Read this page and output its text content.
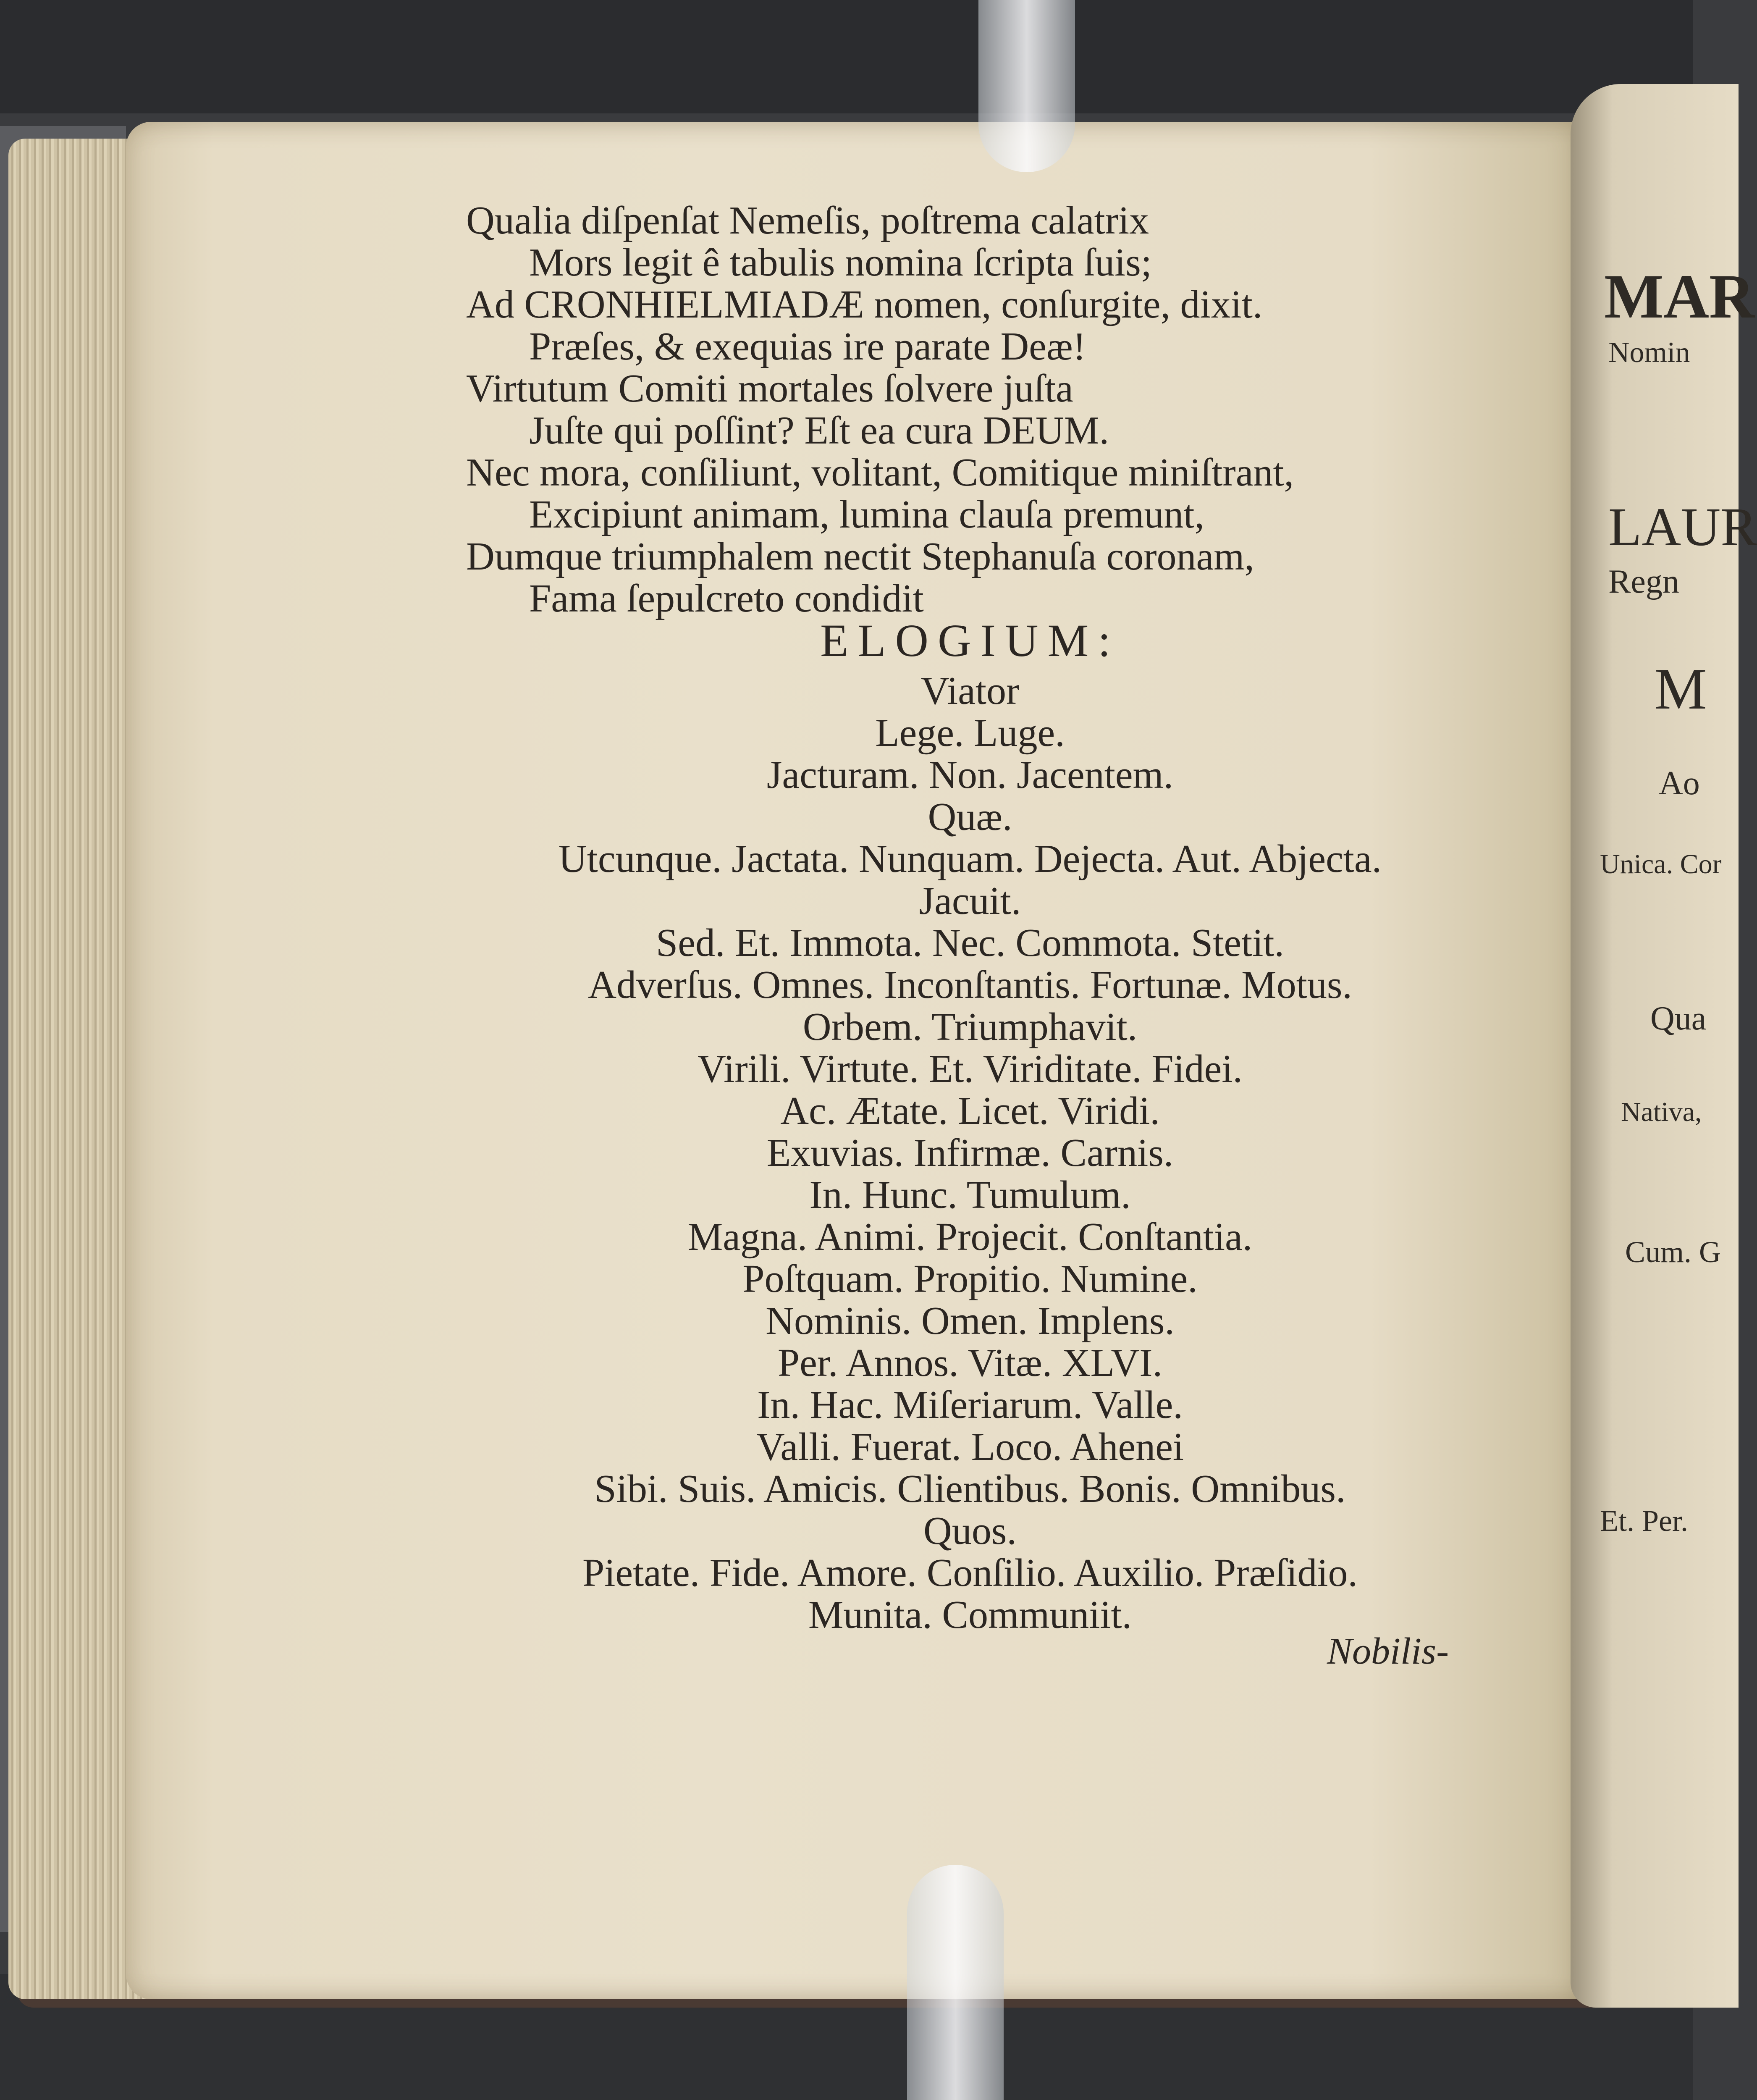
MAR
Nomin
LAUR
Regn
M
Ao
Unica. Cor
Qua
Nativa,
Cum. G
Et. Per.
Qualia diſpenſat Nemeſis, poſtrema calatrix
Mors legit ê tabulis nomina ſcripta ſuis;
Ad CRONHIELMIADÆ nomen, conſurgite, dixit.
Præſes, & exequias ire parate Deæ!
Virtutum Comiti mortales ſolvere juſta
Juſte qui poſſint? Eſt ea cura DEUM.
Nec mora, conſiliunt, volitant, Comitique miniſtrant,
Excipiunt animam, lumina clauſa premunt,
Dumque triumphalem nectit Stephanuſa coronam,
Fama ſepulcreto condidit
ELOGIUM:
Viator
Lege. Luge.
Jacturam. Non. Jacentem.
Quæ.
Utcunque. Jactata. Nunquam. Dejecta. Aut. Abjecta.
Jacuit.
Sed. Et. Immota. Nec. Commota. Stetit.
Adverſus. Omnes. Inconſtantis. Fortunæ. Motus.
Orbem. Triumphavit.
Virili. Virtute. Et. Viriditate. Fidei.
Ac. Ætate. Licet. Viridi.
Exuvias. Infirmæ. Carnis.
In. Hunc. Tumulum.
Magna. Animi. Projecit. Conſtantia.
Poſtquam. Propitio. Numine.
Nominis. Omen. Implens.
Per. Annos. Vitæ. XLVI.
In. Hac. Miſeriarum. Valle.
Valli. Fuerat. Loco. Ahenei
Sibi. Suis. Amicis. Clientibus. Bonis. Omnibus.
Quos.
Pietate. Fide. Amore. Conſilio. Auxilio. Præſidio.
Munita. Communiit.
Nobilis-
